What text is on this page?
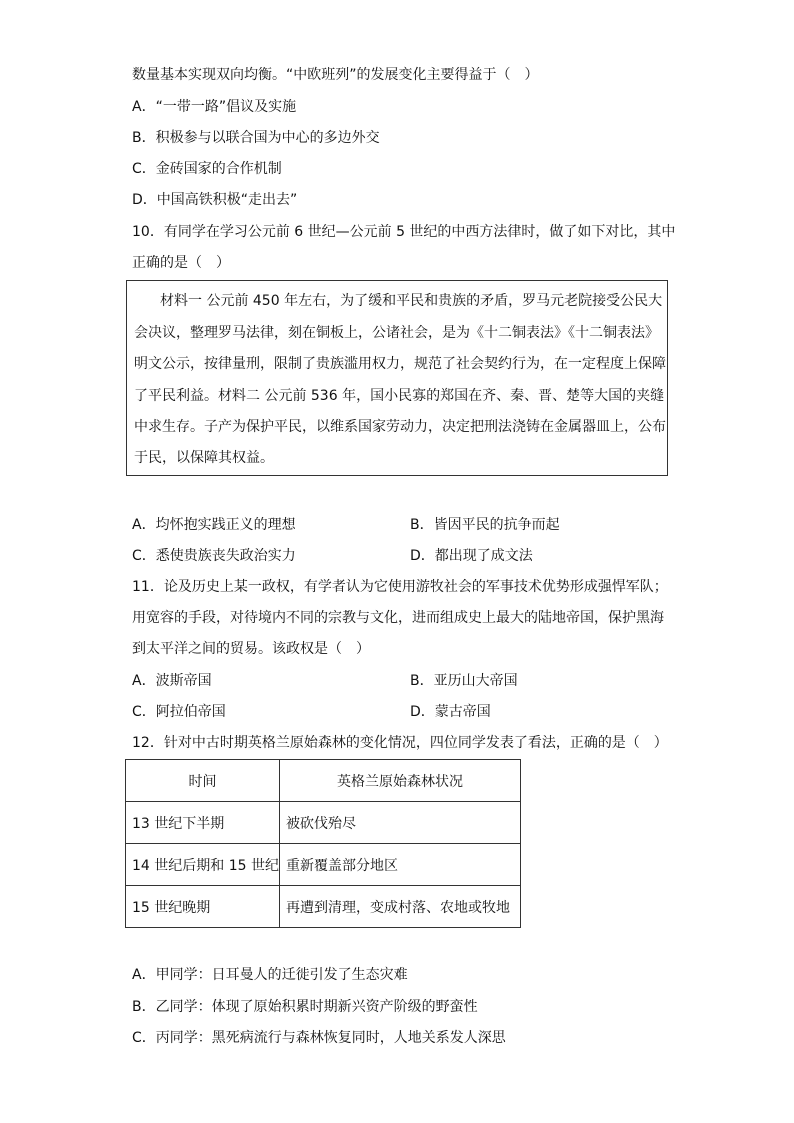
数量基本实现双向均衡。“中欧班列”的发展变化主要得益于（　）
A．“一带一路”倡议及实施
B．积极参与以联合国为中心的多边外交
C．金砖国家的合作机制
D．中国高铁积极“走出去”
10．有同学在学习公元前 6 世纪—公元前 5 世纪的中西方法律时，做了如下对比，其中
正确的是（　）
材料一 公元前 450 年左右，为了缓和平民和贵族的矛盾，罗马元老院接受公民大
会决议，整理罗马法律，刻在铜板上，公诸社会，是为《十二铜表法》《十二铜表法》
明文公示，按律量刑，限制了贵族滥用权力，规范了社会契约行为，在一定程度上保障
了平民利益。材料二 公元前 536 年，国小民寡的郑国在齐、秦、晋、楚等大国的夹缝
中求生存。子产为保护平民，以维系国家劳动力，决定把刑法浇铸在金属器皿上，公布
于民，以保障其权益。
A．均怀抱实践正义的理想	B．皆因平民的抗争而起
C．悉使贵族丧失政治实力	D．都出现了成文法
11．论及历史上某一政权，有学者认为它使用游牧社会的军事技术优势形成强悍军队；
用宽容的手段，对待境内不同的宗教与文化，进而组成史上最大的陆地帝国，保护黑海
到太平洋之间的贸易。该政权是（　）
A．波斯帝国	B．亚历山大帝国
C．阿拉伯帝国	D．蒙古帝国
12．针对中古时期英格兰原始森林的变化情况，四位同学发表了看法，正确的是（　）
时间	英格兰原始森林状况
13 世纪下半期	被砍伐殆尽
14 世纪后期和 15 世纪	重新覆盖部分地区
15 世纪晚期	再遭到清理，变成村落、农地或牧地
A．甲同学：日耳曼人的迁徙引发了生态灾难
B．乙同学：体现了原始积累时期新兴资产阶级的野蛮性
C．丙同学：黑死病流行与森林恢复同时，人地关系发人深思
